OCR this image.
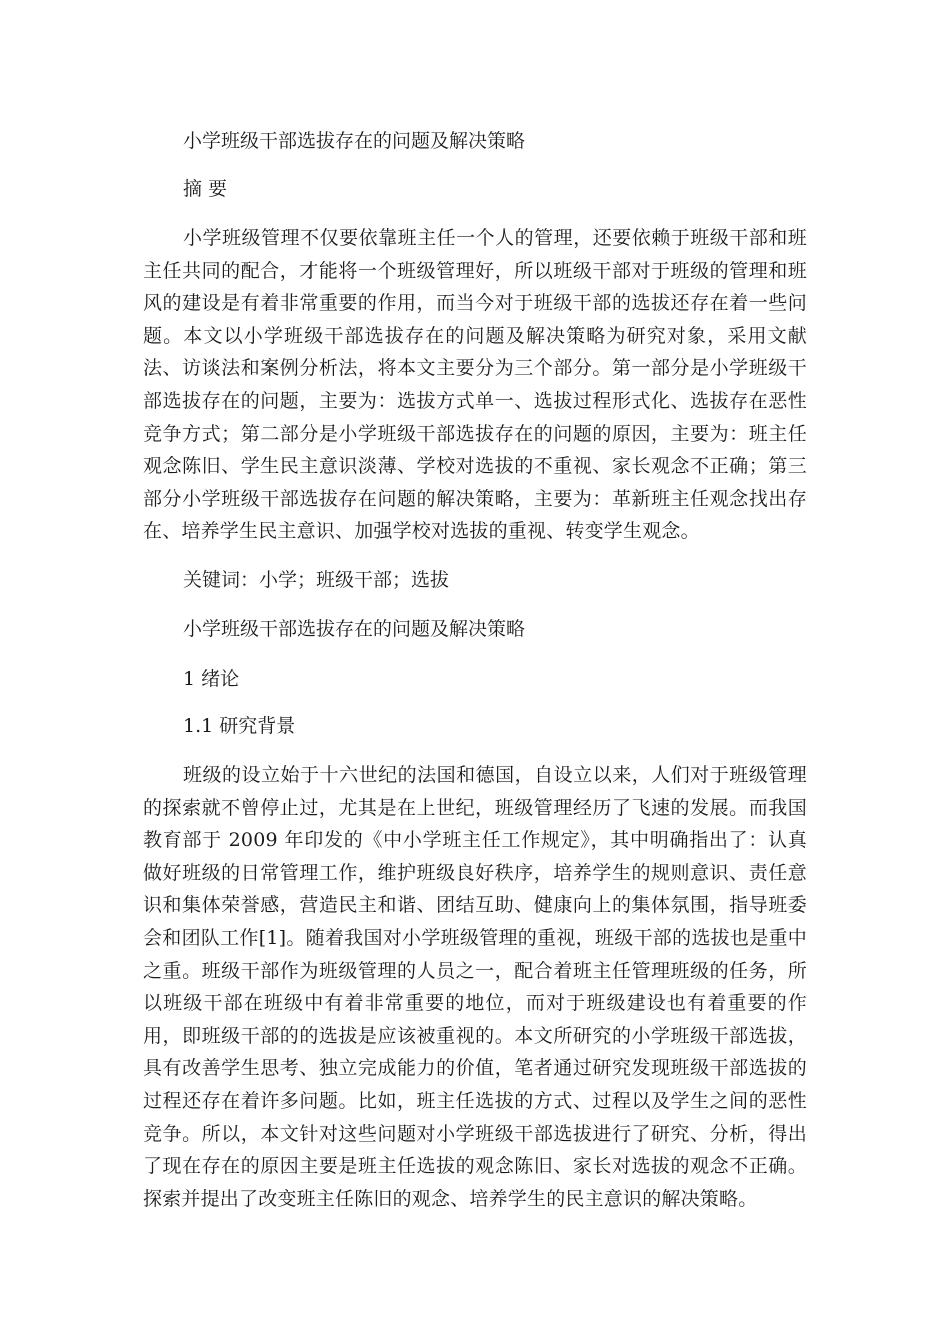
小学班级干部选拔存在的问题及解决策略
摘 要
小学班级管理不仅要依靠班主任一个人的管理，还要依赖于班级干部和班主任共同的配合，才能将一个班级管理好，所以班级干部对于班级的管理和班风的建设是有着非常重要的作用，而当今对于班级干部的选拔还存在着一些问题。本文以小学班级干部选拔存在的问题及解决策略为研究对象，采用文献法、访谈法和案例分析法，将本文主要分为三个部分。第一部分是小学班级干部选拔存在的问题，主要为：选拔方式单一、选拔过程形式化、选拔存在恶性竞争方式；第二部分是小学班级干部选拔存在的问题的原因，主要为：班主任观念陈旧、学生民主意识淡薄、学校对选拔的不重视、家长观念不正确；第三部分小学班级干部选拔存在问题的解决策略，主要为：革新班主任观念找出存在、培养学生民主意识、加强学校对选拔的重视、转变学生观念。
关键词：小学；班级干部；选拔
小学班级干部选拔存在的问题及解决策略
1 绪论
1.1 研究背景
班级的设立始于十六世纪的法国和德国，自设立以来，人们对于班级管理的探索就不曾停止过，尤其是在上世纪，班级管理经历了飞速的发展。而我国教育部于 2009 年印发的《中小学班主任工作规定》，其中明确指出了：认真做好班级的日常管理工作，维护班级良好秩序，培养学生的规则意识、责任意识和集体荣誉感，营造民主和谐、团结互助、健康向上的集体氛围，指导班委会和团队工作[1]。随着我国对小学班级管理的重视，班级干部的选拔也是重中之重。班级干部作为班级管理的人员之一，配合着班主任管理班级的任务，所以班级干部在班级中有着非常重要的地位，而对于班级建设也有着重要的作用，即班级干部的的选拔是应该被重视的。本文所研究的小学班级干部选拔，具有改善学生思考、独立完成能力的价值，笔者通过研究发现班级干部选拔的过程还存在着许多问题。比如，班主任选拔的方式、过程以及学生之间的恶性竞争。所以，本文针对这些问题对小学班级干部选拔进行了研究、分析，得出了现在存在的原因主要是班主任选拔的观念陈旧、家长对选拔的观念不正确。探索并提出了改变班主任陈旧的观念、培养学生的民主意识的解决策略。
